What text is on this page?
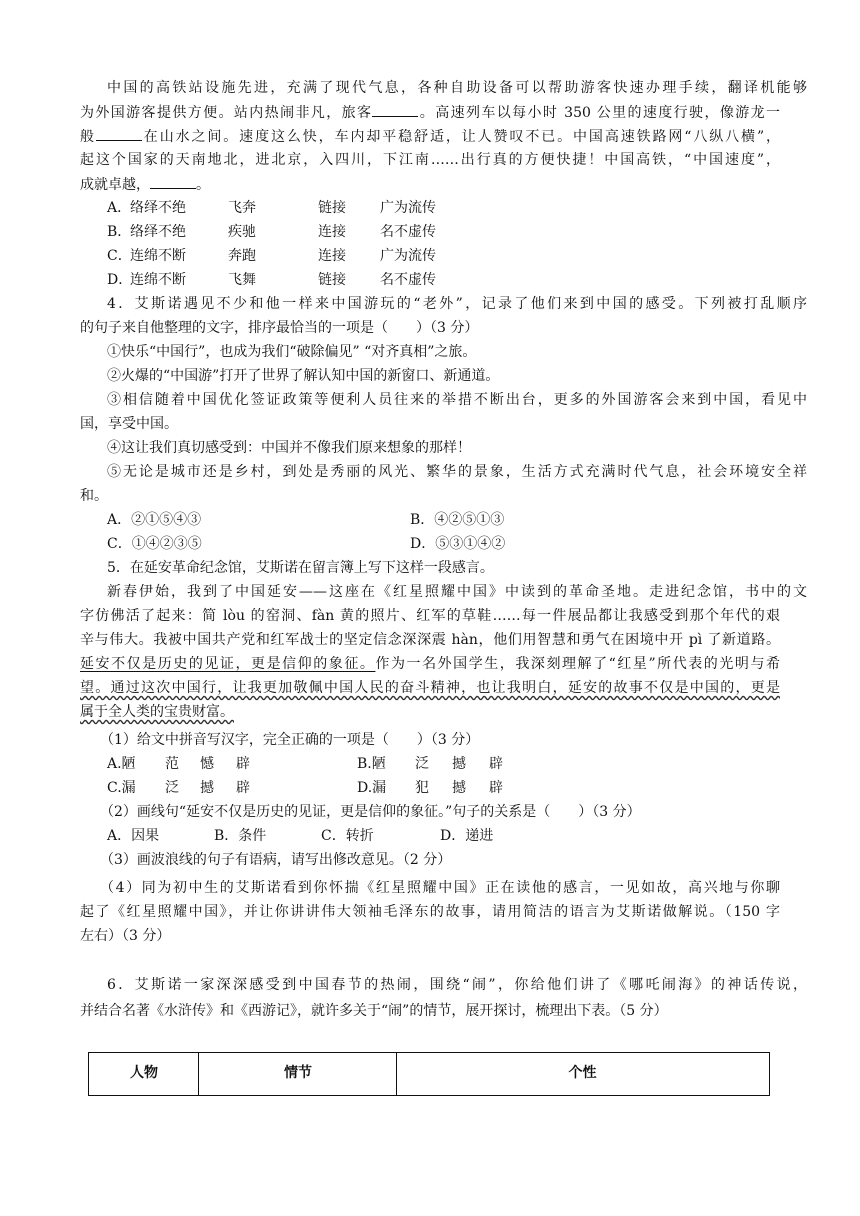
中国的高铁站设施先进，充满了现代气息，各种自助设备可以帮助游客快速办理手续，翻译机能够
为外国游客提供方便。站内热闹非凡，旅客	。高速列车以每小时 350 公里的速度行驶，像游龙一
般	在山水之间。速度这么快，车内却平稳舒适，让人赞叹不已。中国高速铁路网“八纵八横”，
起这个国家的天南地北，进北京，入四川，下江南……出行真的方便快捷！中国高铁，“中国速度”，
成就卓越，	。
A．
络绎不绝	飞奔	链接 广为流传
B．
络绎不绝	疾驰	连接 名不虚传
C．
连绵不断	奔跑	连接 广为流传
D．
连绵不断	飞舞	链接 名不虚传
4．艾斯诺遇见不少和他一样来中国游玩的“老外”，记录了他们来到中国的感受。下列被打乱顺序
的句子来自他整理的文字，排序最恰当的一项是（　　）（3 分）
①快乐“中国行”，也成为我们“破除偏见” “对齐真相”之旅。
②火爆的“中国游”打开了世界了解认知中国的新窗口、新通道。
③相信随着中国优化签证政策等便利人员往来的举措不断出台，更多的外国游客会来到中国，看见中
国，享受中国。
④这让我们真切感受到：中国并不像我们原来想象的那样！
⑤无论是城市还是乡村，到处是秀丽的风光、繁华的景象，生活方式充满时代气息，社会环境安全祥
和。
A．②①⑤④③	B．④②⑤①③
C．①④②③⑤	D．⑤③①④②
5．在延安革命纪念馆，艾斯诺在留言簿上写下这样一段感言。
新春伊始，我到了中国延安——这座在《红星照耀中国》中读到的革命圣地。走进纪念馆，书中的文
字仿佛活了起来：简 lòu 的窑洞、fàn 黄的照片、红军的草鞋……每一件展品都让我感受到那个年代的艰
辛与伟大。我被中国共产党和红军战士的坚定信念深深震 hàn，他们用智慧和勇气在困境中开 pì 了新道路。
延安不仅是历史的见证，更是信仰的象征。作为一名外国学生，我深刻理解了“红星”所代表的光明与希
望。通过这次中国行，让我更加敬佩中国人民的奋斗精神，也让我明白，延安的故事不仅是中国的，更是
属于全人类的宝贵财富。
（1）给文中拼音写汉字，完全正确的一项是（　　）（3 分）
A.陋 范 憾 辟	B.陋 泛 撼 辟
C.漏 泛 撼 辟	D.漏 犯 撼 辟
（2）画线句“延安不仅是历史的见证，更是信仰的象征。”句子的关系是（　　）（3 分）
A．因果	B．条件	C．转折	D．递进
（3）画波浪线的句子有语病，请写出修改意见。（2 分）
（4）同为初中生的艾斯诺看到你怀揣《红星照耀中国》正在读他的感言，一见如故，高兴地与你聊
起了《红星照耀中国》，并让你讲讲伟大领袖毛泽东的故事，请用简洁的语言为艾斯诺做解说。（150 字
左右）（3 分）
6．艾斯诺一家深深感受到中国春节的热闹，围绕“闹”，你给他们讲了《哪吒闹海》的神话传说，
并结合名著《水浒传》和《西游记》，就许多关于“闹”的情节，展开探讨，梳理出下表。（5 分）
人物	情节	个性
